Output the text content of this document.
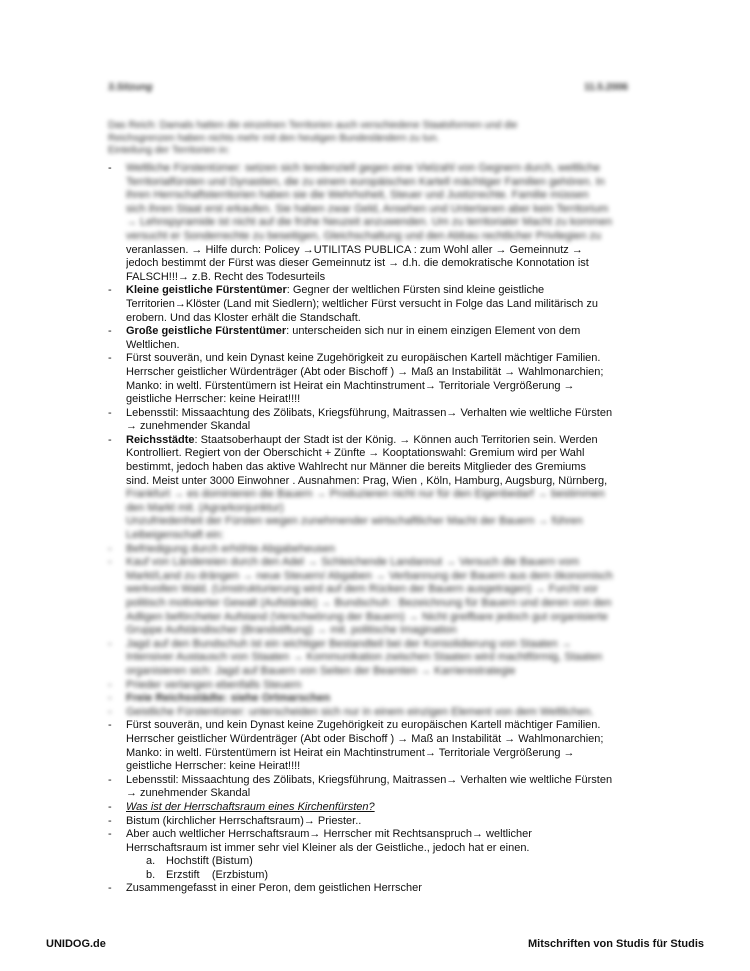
3.Sitzung	11.5.2006
Das Reich: Damals hatten die einzelnen Territorien auch verschiedene Staatsformen und die
Reichsgrenzen haben nichts mehr mit den heutigen Bundesländern zu tun.
Einteilung der Territorien in:
- Weltliche Fürstentümer: setzen sich tendenziell gegen eine Vielzahl von Gegnern durch, weltliche
Territorialfürsten und Dynastien, die zu einem europäischen Kartell mächtiger Familien gehören. In
ihren Herrschaftsterritorien haben sie die Wehrhoheit, Steuer und Justizrechte. Familie müssen
sich ihren Staat erst erkaufen. Sie haben zwar Geld, Ansehen und Untertanen aber kein Territorium
→ Lehnspyramide ist nicht auf die frühe Neuzeit anzuwenden. Um zu territorialer Macht zu kommen
versucht er Sonderrechte zu beseitigen, Gleichschaltung und den Abbau rechtlicher Privilegien zu
veranlassen. → Hilfe durch: Policey →UTILITAS PUBLICA : zum Wohl aller → Gemeinnutz →
jedoch bestimmt der Fürst was dieser Gemeinnutz ist → d.h. die demokratische Konnotation ist
FALSCH!!!→ z.B. Recht des Todesurteils
- Kleine geistliche Fürstentümer: Gegner der weltlichen Fürsten sind kleine geistliche
Territorien→Klöster (Land mit Siedlern); weltlicher Fürst versucht in Folge das Land militärisch zu
erobern. Und das Kloster erhält die Standschaft.
- Große geistliche Fürstentümer: unterscheiden sich nur in einem einzigen Element von dem
Weltlichen.
- Fürst souverän, und kein Dynast keine Zugehörigkeit zu europäischen Kartell mächtiger Familien.
Herrscher geistlicher Würdenträger (Abt oder Bischoff ) → Maß an Instabilität → Wahlmonarchien;
Manko: in weltl. Fürstentümern ist Heirat ein Machtinstrument→ Territoriale Vergrößerung →
geistliche Herrscher: keine Heirat!!!!
- Lebensstil: Missaachtung des Zölibats, Kriegsführung, Maitrassen→ Verhalten wie weltliche Fürsten
→ zunehmender Skandal
- Reichsstädte: Staatsoberhaupt der Stadt ist der König. → Können auch Territorien sein. Werden
Kontrolliert. Regiert von der Oberschicht + Zünfte → Kooptationswahl: Gremium wird per Wahl
bestimmt, jedoch haben das aktive Wahlrecht nur Männer die bereits Mitglieder des Gremiums
sind. Meist unter 3000 Einwohner . Ausnahmen: Prag, Wien , Köln, Hamburg, Augsburg, Nürnberg,
Frankfurt → es dominieren die Bauern → Produzieren nicht nur für den Eigenbedarf → bestimmen
den Markt mit. (Agrarkonjunktur)
Unzufriedenheit der Fürsten wegen zunehmender wirtschaftlicher Macht der Bauern → führen
Leibeigenschaft ein:
- Befriedigung durch erhöhte Abgabeheusen
- Kauf von Ländereien durch den Adel → Schleichende Landannut → Versuch die Bauern vom
Markt/Land zu drängen → neue Steuern/ Abgaben → Verbannung der Bauern aus dem ökonomisch
werkvollen Wald. (Umstrukturierung wird auf dem Rücken der Bauern ausgetragen) → Furcht vor
politisch motivierter Gewalt (Aufstände) → Bundschuh : Bezeichnung für Bauern und deren von den
Adligen beförcheter Aufstand (Verschwörung der Bauern) → Nicht greifbare jedoch gut organisierte
Gruppe Aufständischer (Brandstiftung) → mit. politische Imagination
- Jagd auf den Bundschuh ist ein wichtiger Bestandteil bei der Konsolidierung von Staaten →
Intensiver Austausch von Staaten → Kommunikation zwischen Staaten wird machtförmig, Staaten
organisieren sich: Jagd auf Bauern von Seiten der Beamten → Karrierestrategie
- Prieder verlangen ebenfalls Steuern
- Freie Reichsstädte: siehe Ortmarschen
- Geistliche Fürstentümer: unterscheiden sich nur in einem einzigen Element von dem Weltlichen.
- Fürst souverän, und kein Dynast keine Zugehörigkeit zu europäischen Kartell mächtiger Familien.
Herrscher geistlicher Würdenträger (Abt oder Bischoff ) → Maß an Instabilität → Wahlmonarchien;
Manko: in weltl. Fürstentümern ist Heirat ein Machtinstrument→ Territoriale Vergrößerung →
geistliche Herrscher: keine Heirat!!!!
- Lebensstil: Missaachtung des Zölibats, Kriegsführung, Maitrassen→ Verhalten wie weltliche Fürsten
→ zunehmender Skandal
- Was ist der Herrschaftsraum eines Kirchenfürsten?
- Bistum (kirchlicher Herrschaftsraum)→ Priester..
- Aber auch weltlicher Herrschaftsraum→ Herrscher mit Rechtsanspruch→ weltlicher
Herrschaftsraum ist immer sehr viel Kleiner als der Geistliche., jedoch hat er einen.
a. Hochstift (Bistum)
b. Erzstift    (Erzbistum)
- Zusammengefasst in einer Peron, dem geistlichen Herrscher
UNIDOG.de	Mitschriften von Studis für Studis
